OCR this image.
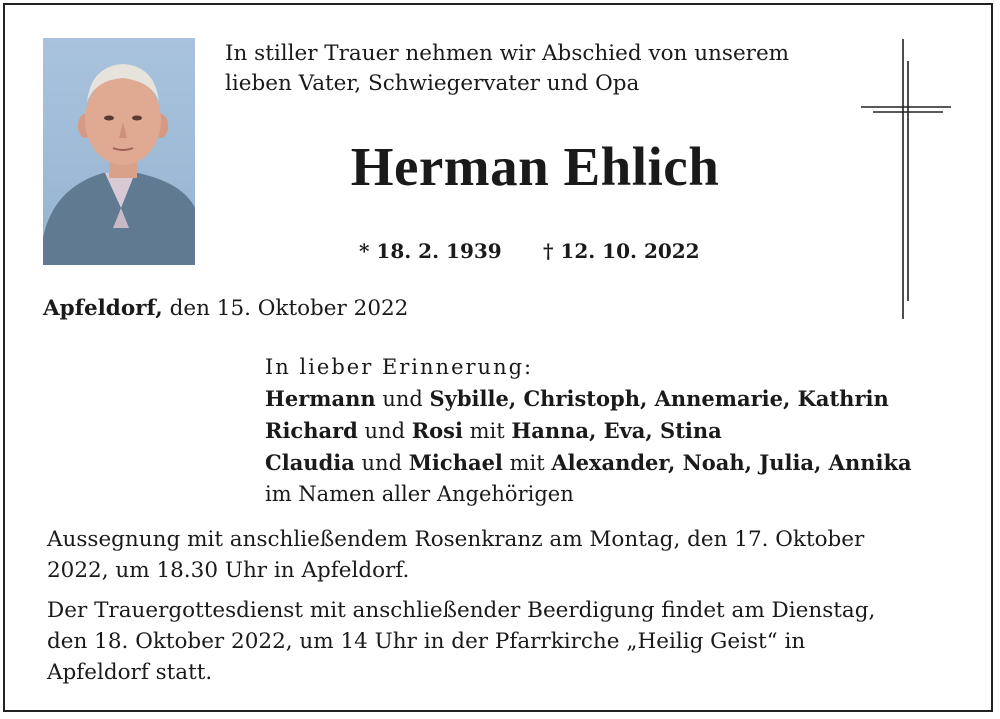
In stiller Trauer nehmen wir Abschied von unserem
lieben Vater, Schwiegervater und Opa
Herman Ehlich
* 18. 2. 1939 † 12. 10. 2022
Apfeldorf, den 15. Oktober 2022
In lieber Erinnerung:
Hermann und Sybille, Christoph, Annemarie, Kathrin
Richard und Rosi mit Hanna, Eva, Stina
Claudia und Michael mit Alexander, Noah, Julia, Annika
im Namen aller Angehörigen
Aussegnung mit anschließendem Rosenkranz am Montag, den 17. Oktober
2022, um 18.30 Uhr in Apfeldorf.
Der Trauergottesdienst mit anschließender Beerdigung findet am Dienstag,
den 18. Oktober 2022, um 14 Uhr in der Pfarrkirche „Heilig Geist“ in
Apfeldorf statt.
